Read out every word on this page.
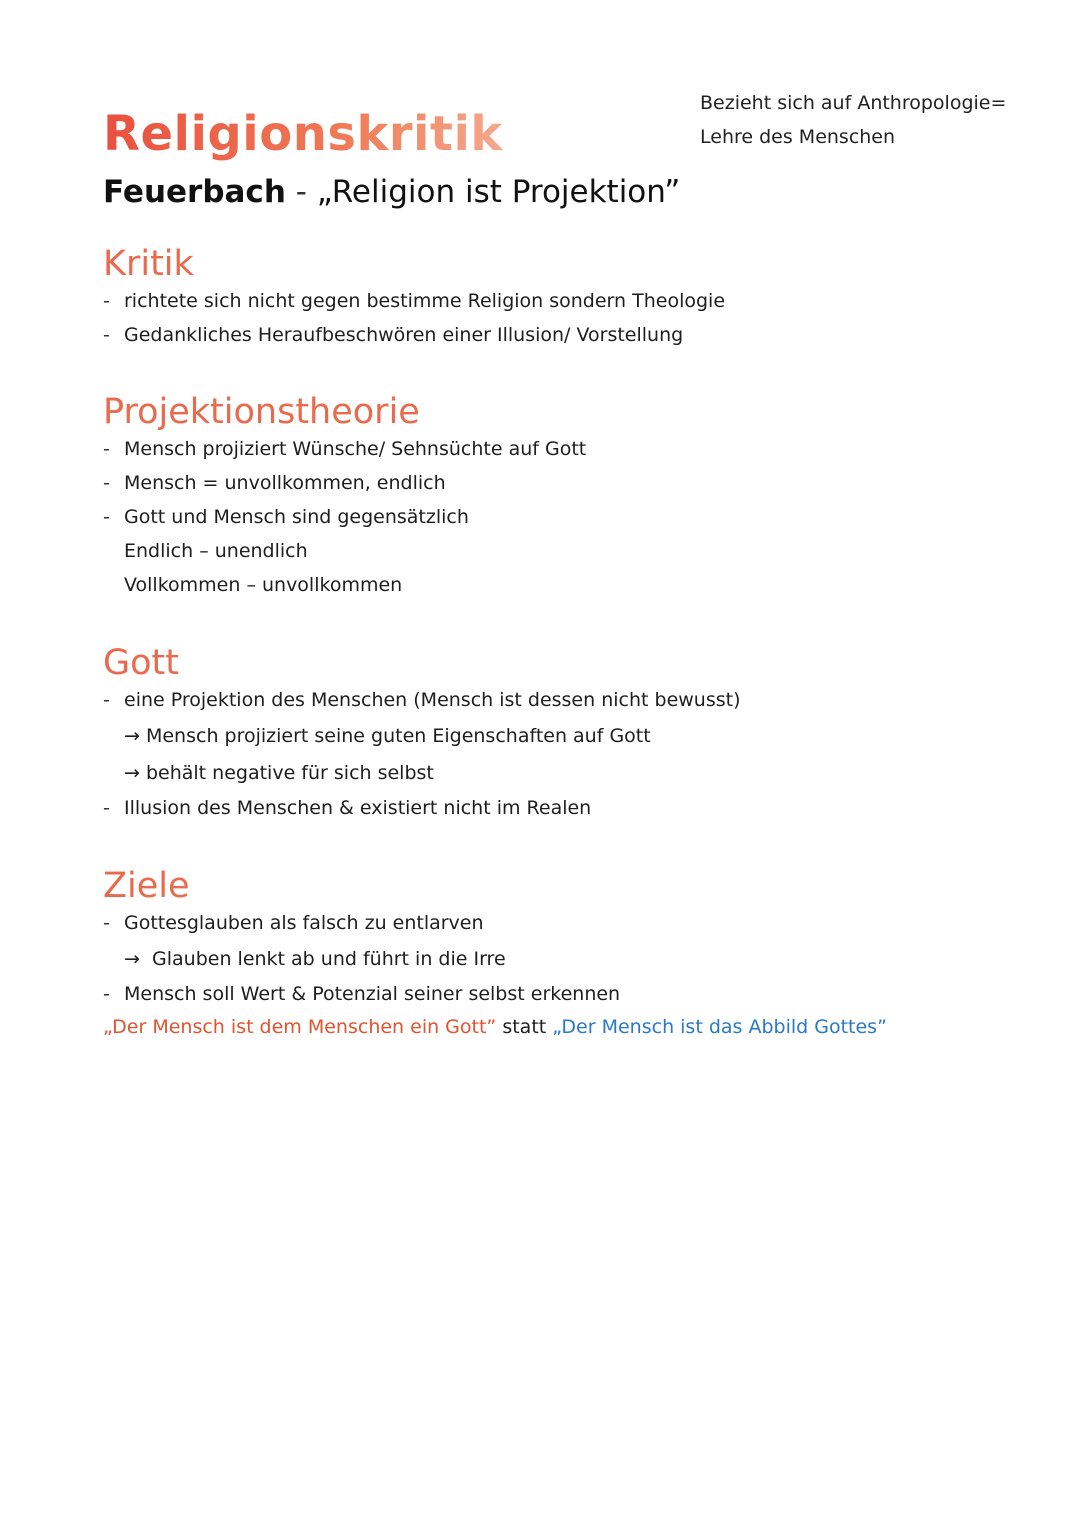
Bezieht sich auf Anthropologie=
Lehre des Menschen
Religionskritik
Feuerbach - „Religion ist Projektion”
Kritik
- richtete sich nicht gegen bestimme Religion sondern Theologie
- Gedankliches Heraufbeschwören einer Illusion/ Vorstellung
Projektionstheorie
- Mensch projiziert Wünsche/ Sehnsüchte auf Gott
- Mensch = unvollkommen, endlich
- Gott und Mensch sind gegensätzlich
Endlich – unendlich
Vollkommen – unvollkommen
Gott
- eine Projektion des Menschen (Mensch ist dessen nicht bewusst)
→ Mensch projiziert seine guten Eigenschaften auf Gott
→ behält negative für sich selbst
- Illusion des Menschen & existiert nicht im Realen
Ziele
- Gottesglauben als falsch zu entlarven
→ Glauben lenkt ab und führt in die Irre
- Mensch soll Wert & Potenzial seiner selbst erkennen
„Der Mensch ist dem Menschen ein Gott” statt „Der Mensch ist das Abbild Gottes”
